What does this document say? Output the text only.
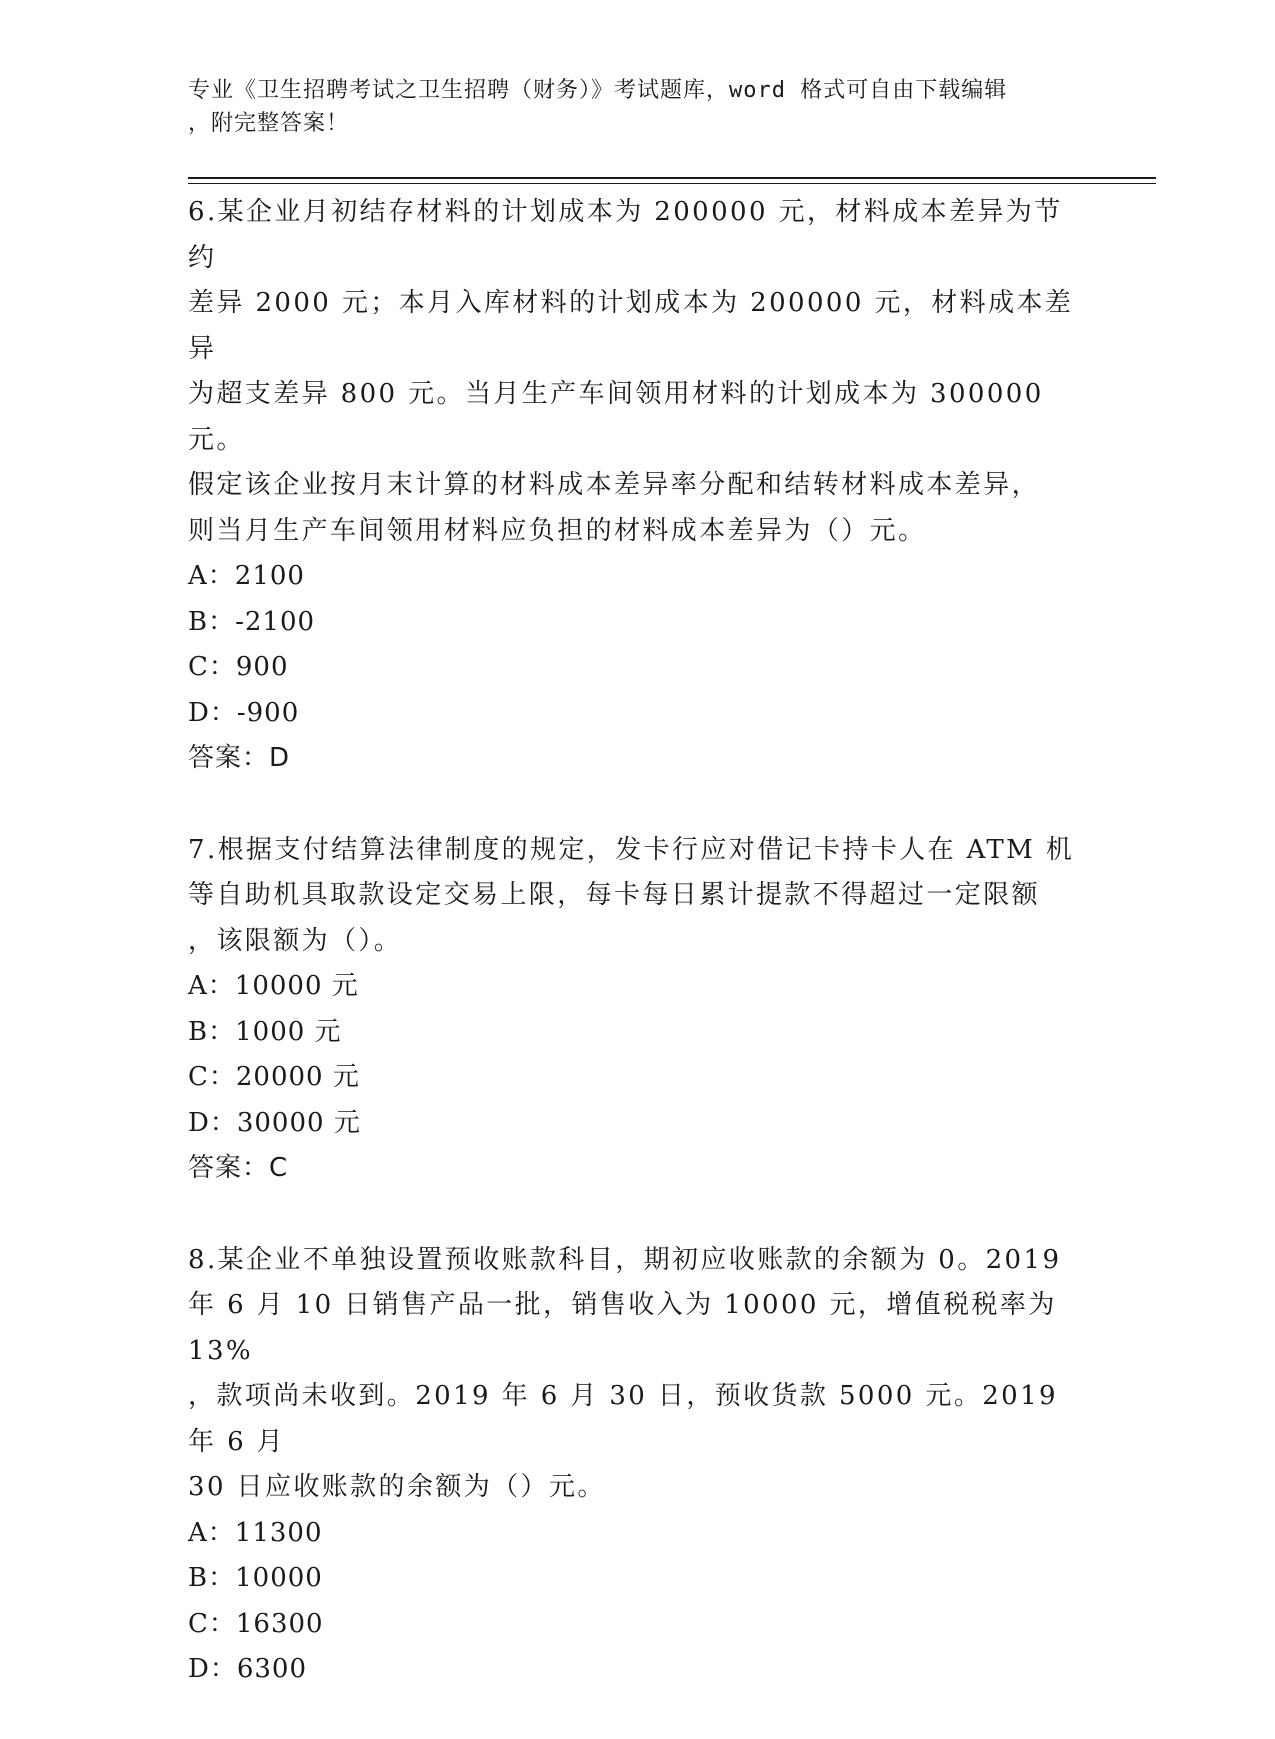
专业《卫生招聘考试之卫生招聘（财务）》考试题库，word 格式可自由下载编辑
，附完整答案！
6.某企业月初结存材料的计划成本为 200000 元，材料成本差异为节约
差异 2000 元；本月入库材料的计划成本为 200000 元，材料成本差异
为超支差异 800 元。当月生产车间领用材料的计划成本为 300000 元。
假定该企业按月末计算的材料成本差异率分配和结转材料成本差异，
则当月生产车间领用材料应负担的材料成本差异为（）元。
A：2100
B：-2100
C：900
D：-900
答案：D
7.根据支付结算法律制度的规定，发卡行应对借记卡持卡人在 ATM 机
等自助机具取款设定交易上限，每卡每日累计提款不得超过一定限额
，该限额为（）。
A：10000 元
B：1000 元
C：20000 元
D：30000 元
答案：C
8.某企业不单独设置预收账款科目，期初应收账款的余额为 0。2019
年 6 月 10 日销售产品一批，销售收入为 10000 元，增值税税率为 13%
，款项尚未收到。2019 年 6 月 30 日，预收货款 5000 元。2019 年 6 月
30 日应收账款的余额为（）元。
A：11300
B：10000
C：16300
D：6300
